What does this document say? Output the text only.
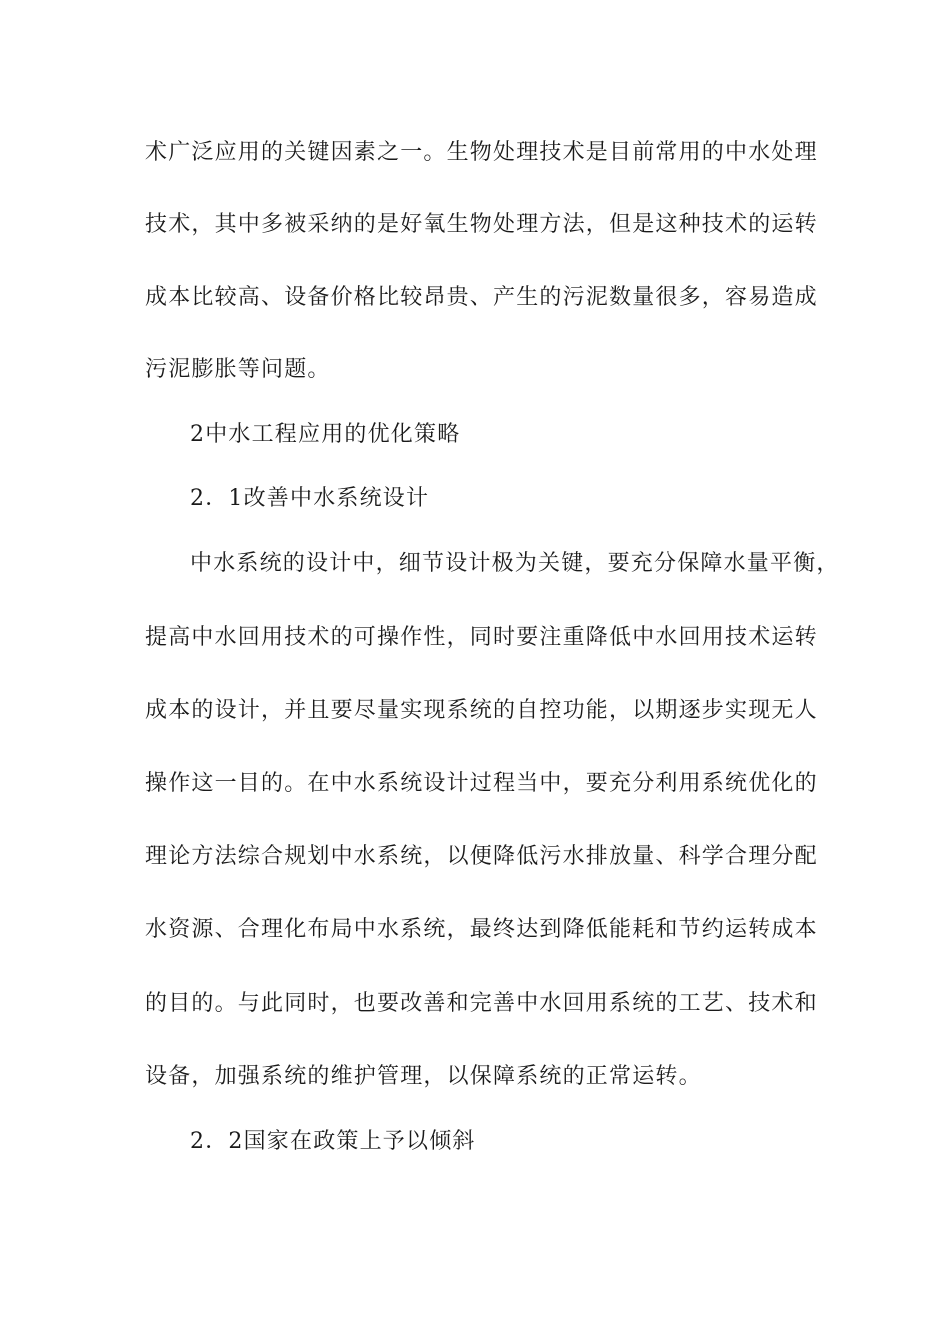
术广泛应用的关键因素之一。生物处理技术是目前常用的中水处理

技术，其中多被采纳的是好氧生物处理方法，但是这种技术的运转

成本比较高、设备价格比较昂贵、产生的污泥数量很多，容易造成

污泥膨胀等问题。

2中水工程应用的优化策略

2．1改善中水系统设计

中水系统的设计中，细节设计极为关键，要充分保障水量平衡，

提高中水回用技术的可操作性，同时要注重降低中水回用技术运转

成本的设计，并且要尽量实现系统的自控功能，以期逐步实现无人

操作这一目的。在中水系统设计过程当中，要充分利用系统优化的

理论方法综合规划中水系统，以便降低污水排放量、科学合理分配

水资源、合理化布局中水系统，最终达到降低能耗和节约运转成本

的目的。与此同时，也要改善和完善中水回用系统的工艺、技术和

设备，加强系统的维护管理，以保障系统的正常运转。

2．2国家在政策上予以倾斜
